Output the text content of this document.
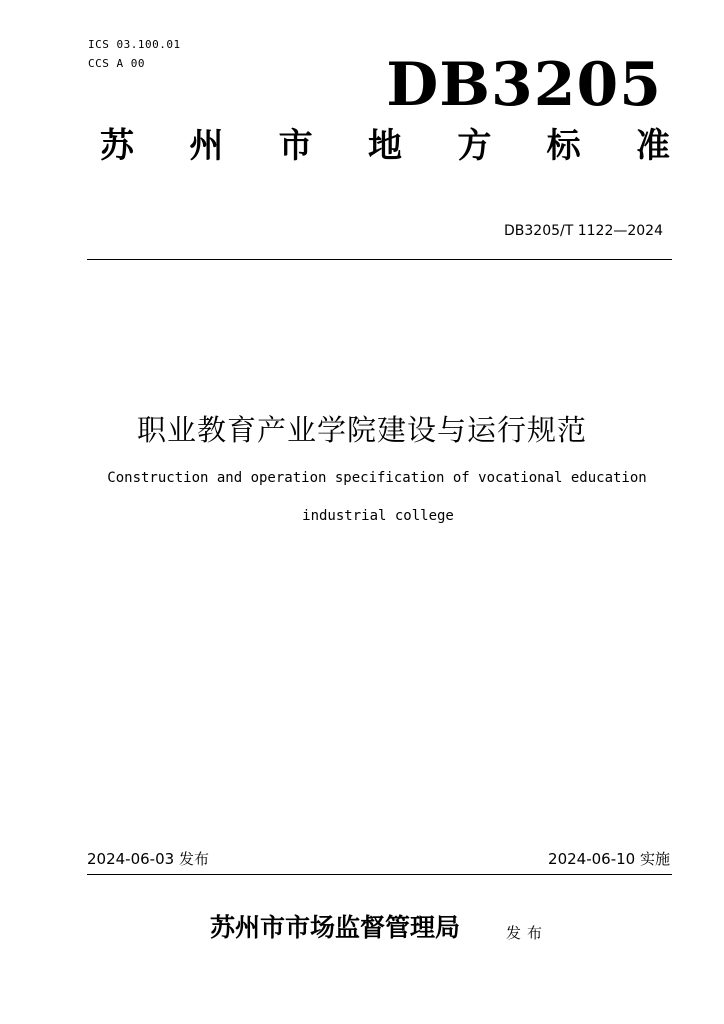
ICS 03.100.01
CCS A 00	DB3205
苏 州 市 地 方 标 准
DB3205/T 1122—2024
职业教育产业学院建设与运行规范
Construction and operation specification of vocational education
industrial college
2024-06-03 发布	2024-06-10 实施
苏州市市场监督管理局	发布
